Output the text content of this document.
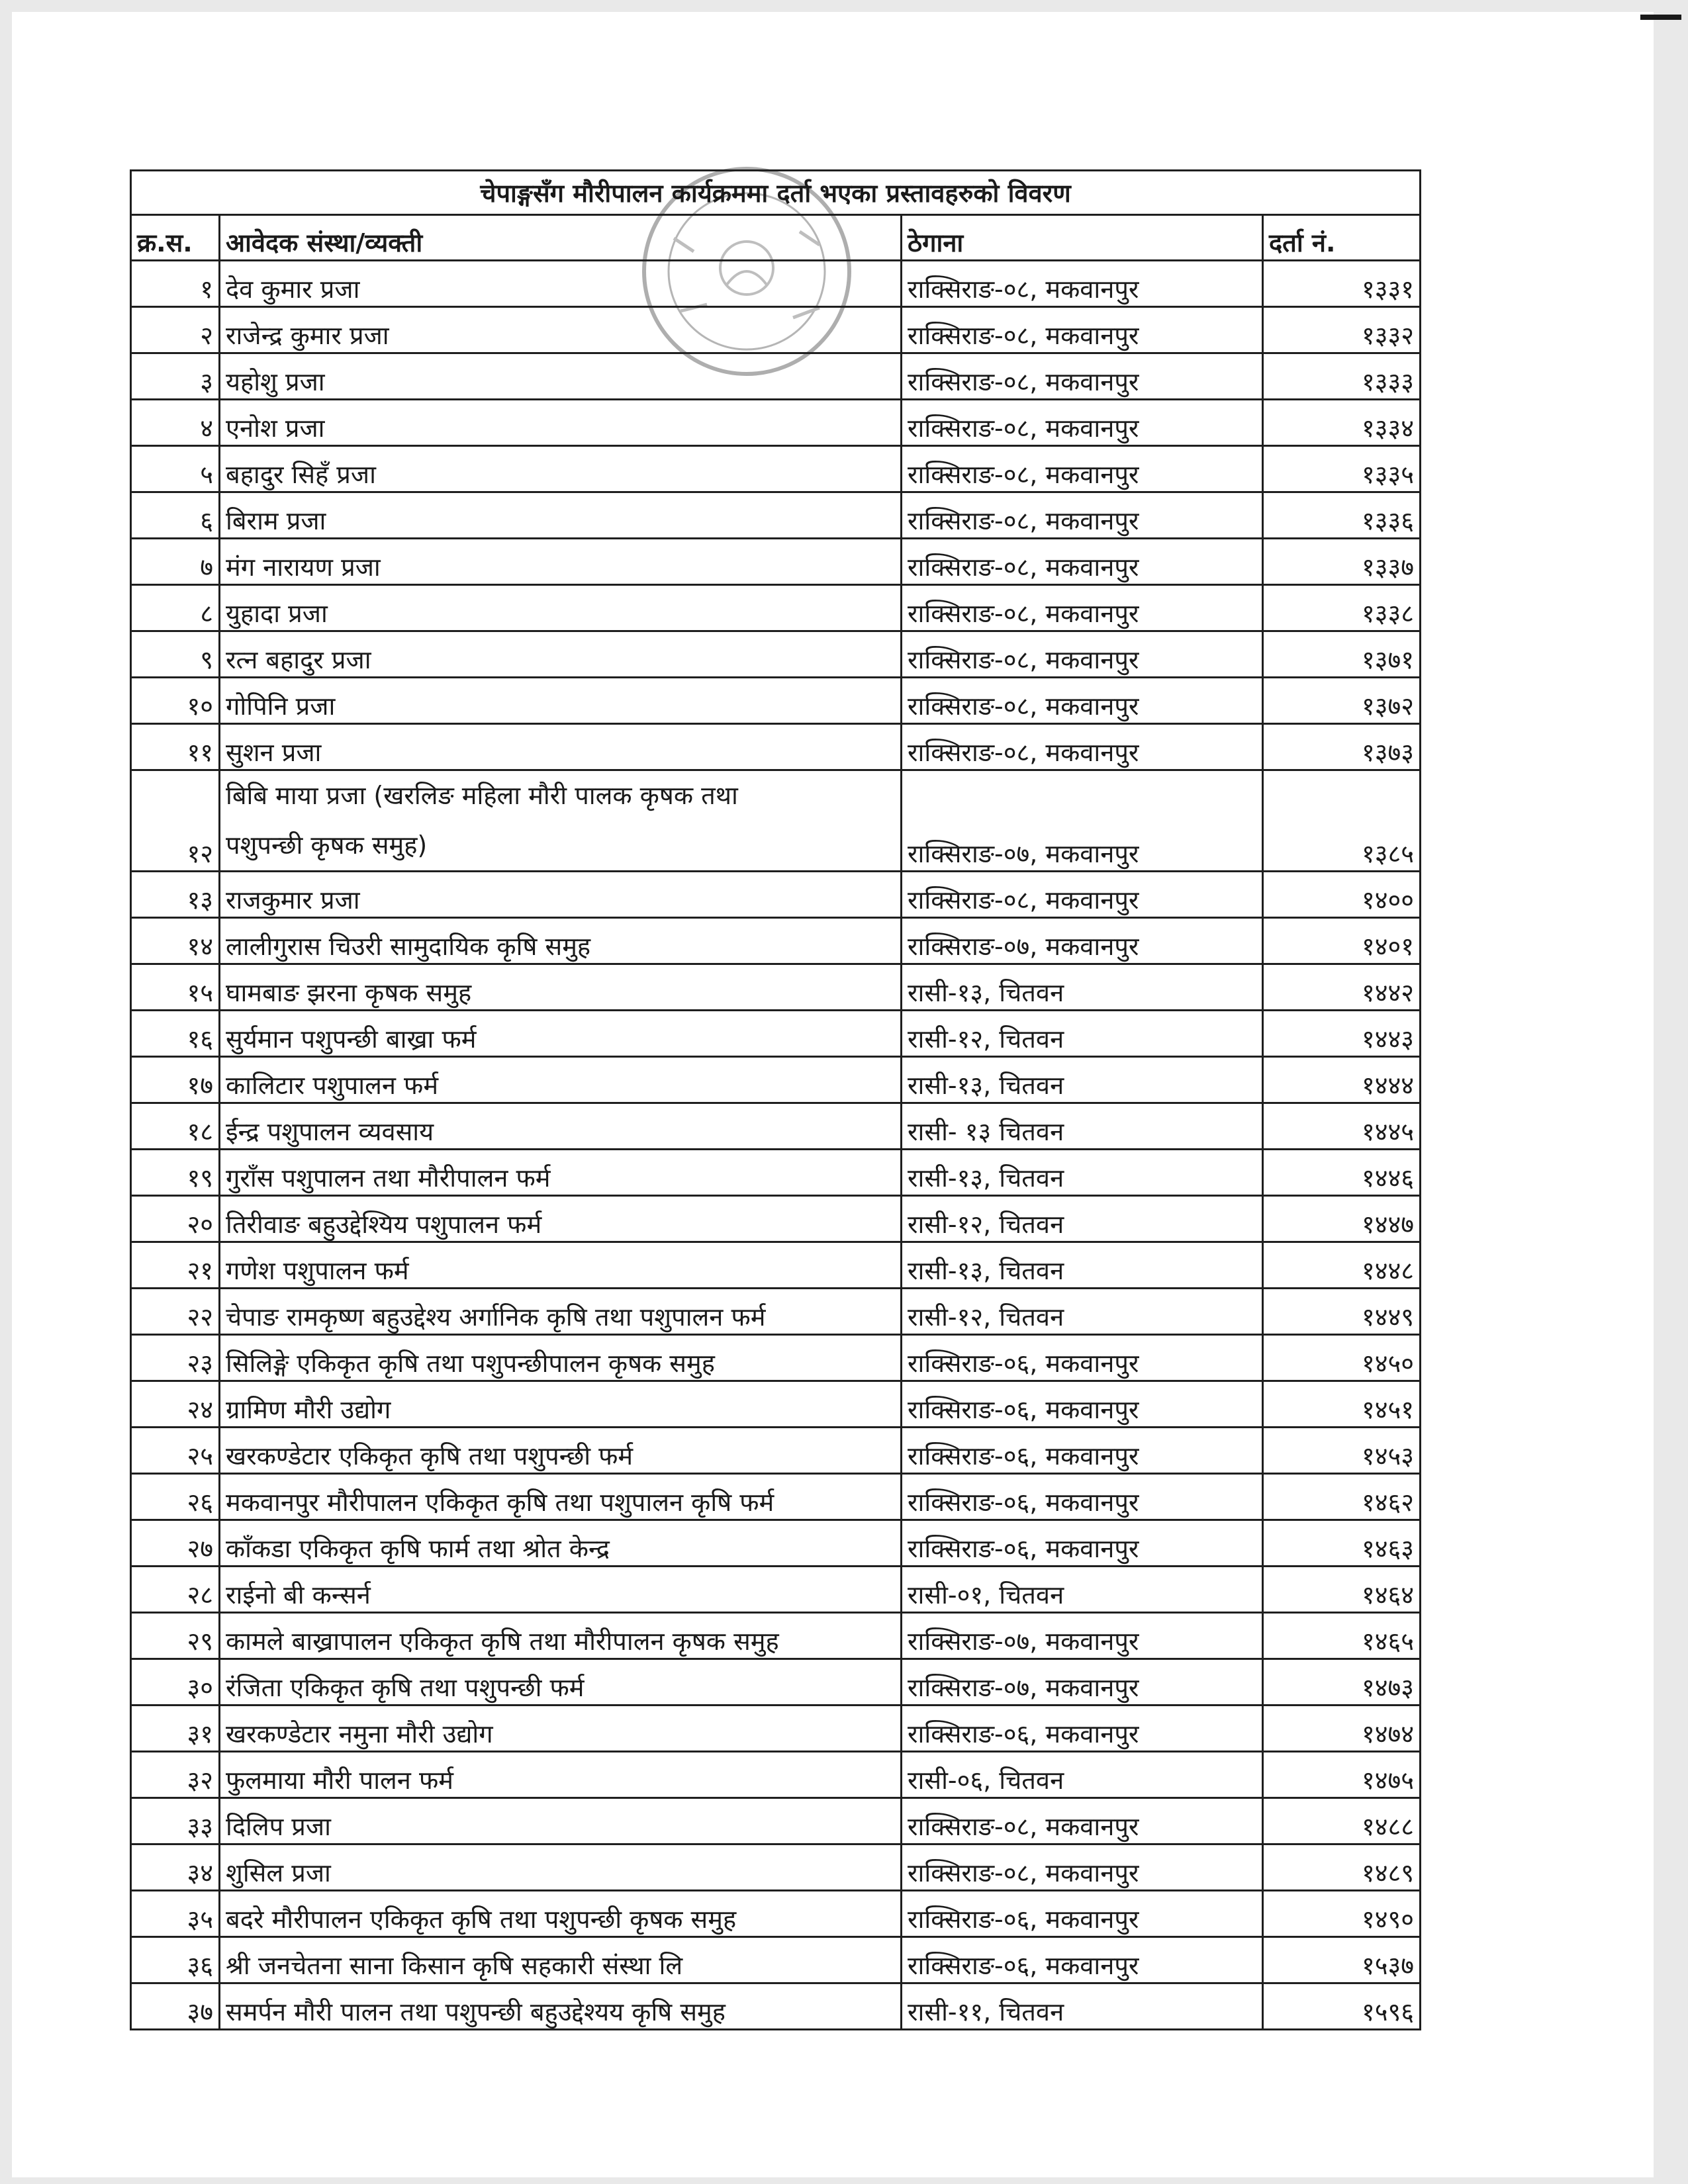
चेपाङ्गसँग मौरीपालन कार्यक्रममा दर्ता भएका प्रस्तावहरुको विवरण			
क्र.स.	आवेदक संस्था/व्यक्ती	ठेगाना	दर्ता नं.
१	देव कुमार प्रजा	राक्सिराङ-०८, मकवानपुर	१३३१
२	राजेन्द्र कुमार प्रजा	राक्सिराङ-०८, मकवानपुर	१३३२
३	यहोशु प्रजा	राक्सिराङ-०८, मकवानपुर	१३३३
४	एनोश प्रजा	राक्सिराङ-०८, मकवानपुर	१३३४
५	बहादुर सिहँ प्रजा	राक्सिराङ-०८, मकवानपुर	१३३५
६	बिराम प्रजा	राक्सिराङ-०८, मकवानपुर	१३३६
७	मंग नारायण प्रजा	राक्सिराङ-०८, मकवानपुर	१३३७
८	युहादा प्रजा	राक्सिराङ-०८, मकवानपुर	१३३८
९	रत्न बहादुर प्रजा	राक्सिराङ-०८, मकवानपुर	१३७१
१०	गोपिनि प्रजा	राक्सिराङ-०८, मकवानपुर	१३७२
११	सुशन प्रजा	राक्सिराङ-०८, मकवानपुर	१३७३
१२	बिबि माया प्रजा (खरलिङ महिला मौरी पालक कृषक तथा
पशुपन्छी कृषक समुह)	राक्सिराङ-०७, मकवानपुर	१३८५
१३	राजकुमार प्रजा	राक्सिराङ-०८, मकवानपुर	१४००
१४	लालीगुरास चिउरी सामुदायिक कृषि समुह	राक्सिराङ-०७, मकवानपुर	१४०१
१५	घामबाङ झरना कृषक समुह	रासी-१३, चितवन	१४४२
१६	सुर्यमान पशुपन्छी बाख्रा फर्म	रासी-१२, चितवन	१४४३
१७	कालिटार पशुपालन फर्म	रासी-१३, चितवन	१४४४
१८	ईन्द्र पशुपालन व्यवसाय	रासी- १३ चितवन	१४४५
१९	गुराँस पशुपालन तथा मौरीपालन फर्म	रासी-१३, चितवन	१४४६
२०	तिरीवाङ बहुउद्देश्यिय पशुपालन फर्म	रासी-१२, चितवन	१४४७
२१	गणेश पशुपालन फर्म	रासी-१३, चितवन	१४४८
२२	चेपाङ रामकृष्ण बहुउद्देश्य अर्गानिक कृषि तथा पशुपालन फर्म	रासी-१२, चितवन	१४४९
२३	सिलिङ्गे एकिकृत कृषि तथा पशुपन्छीपालन कृषक समुह	राक्सिराङ-०६, मकवानपुर	१४५०
२४	ग्रामिण मौरी उद्योग	राक्सिराङ-०६, मकवानपुर	१४५१
२५	खरकण्डेटार एकिकृत कृषि तथा पशुपन्छी फर्म	राक्सिराङ-०६, मकवानपुर	१४५३
२६	मकवानपुर मौरीपालन एकिकृत कृषि तथा पशुपालन कृषि फर्म	राक्सिराङ-०६, मकवानपुर	१४६२
२७	काँकडा एकिकृत कृषि फार्म तथा श्रोत केन्द्र	राक्सिराङ-०६, मकवानपुर	१४६३
२८	राईनो बी कन्सर्न	रासी-०१, चितवन	१४६४
२९	कामले बाख्रापालन एकिकृत कृषि तथा मौरीपालन कृषक समुह	राक्सिराङ-०७, मकवानपुर	१४६५
३०	रंजिता एकिकृत कृषि तथा पशुपन्छी फर्म	राक्सिराङ-०७, मकवानपुर	१४७३
३१	खरकण्डेटार नमुना मौरी उद्योग	राक्सिराङ-०६, मकवानपुर	१४७४
३२	फुलमाया मौरी पालन फर्म	रासी-०६, चितवन	१४७५
३३	दिलिप प्रजा	राक्सिराङ-०८, मकवानपुर	१४८८
३४	शुसिल प्रजा	राक्सिराङ-०८, मकवानपुर	१४८९
३५	बदरे मौरीपालन एकिकृत कृषि तथा पशुपन्छी कृषक समुह	राक्सिराङ-०६, मकवानपुर	१४९०
३६	श्री जनचेतना साना किसान कृषि सहकारी संस्था लि	राक्सिराङ-०६, मकवानपुर	१५३७
३७	समर्पन मौरी पालन तथा पशुपन्छी बहुउद्देश्यय कृषि समुह	रासी-११, चितवन	१५९६
